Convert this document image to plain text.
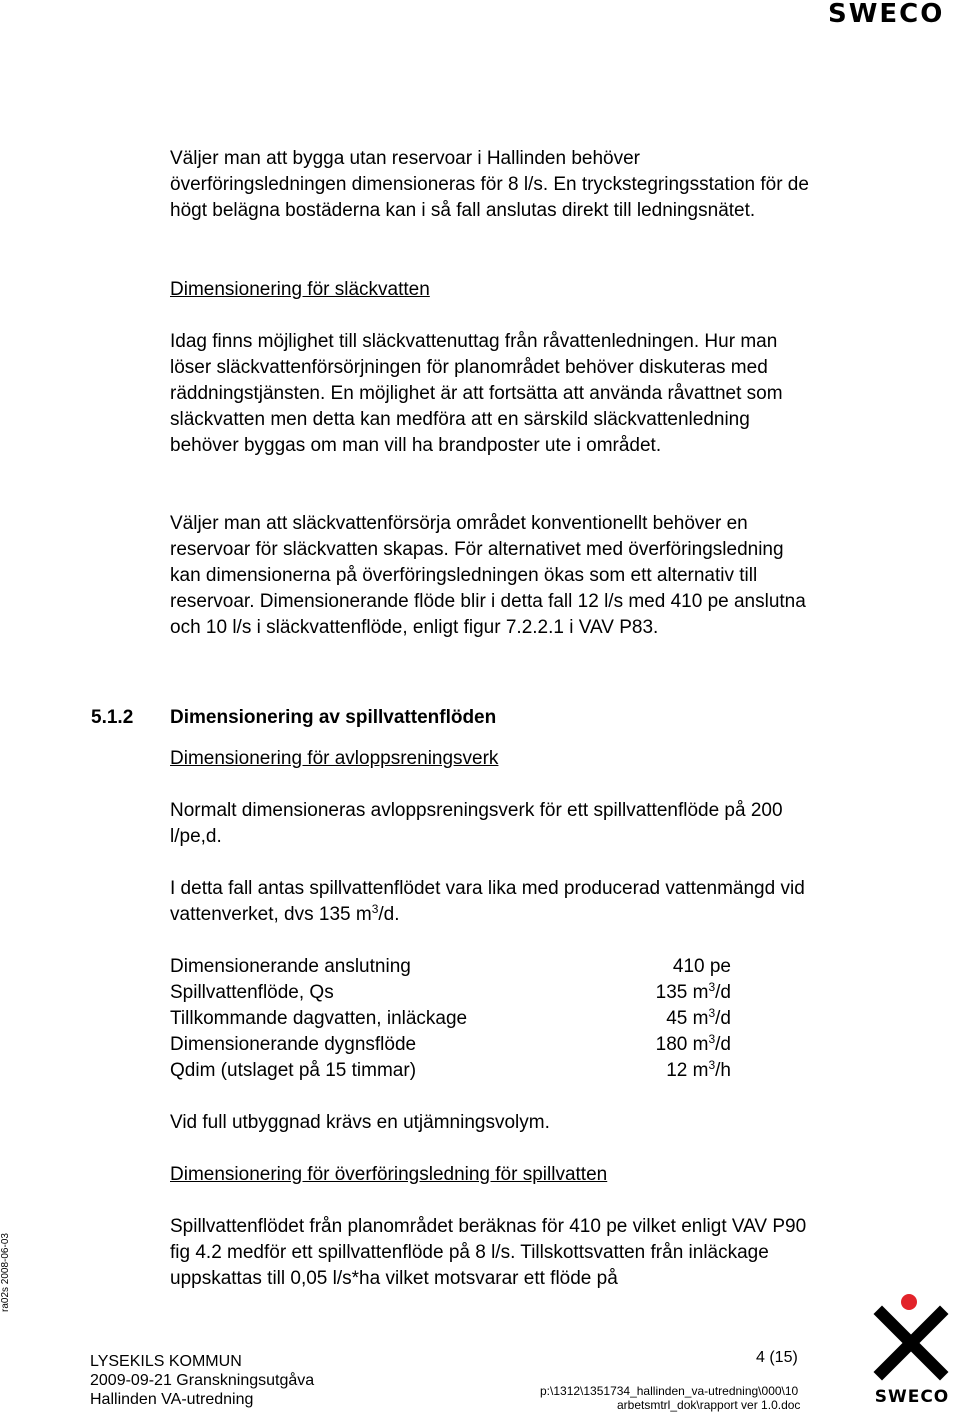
SWECO

Väljer man att bygga utan reservoar i Hallinden behöver överföringsledningen dimensioneras för 8 l/s. En tryckstegringsstation för de högt belägna bostäderna kan i så fall anslutas direkt till ledningsnätet.

Dimensionering för släckvatten

Idag finns möjlighet till släckvattenuttag från råvattenledningen. Hur man löser släckvattenförsörjningen för planområdet behöver diskuteras med räddningstjänsten. En möjlighet är att fortsätta att använda råvattnet som släckvatten men detta kan medföra att en särskild släckvattenledning behöver byggas om man vill ha brandposter ute i området.

Väljer man att släckvattenförsörja området konventionellt behöver en reservoar för släckvatten skapas. För alternativet med överföringsledning kan dimensionerna på överföringsledningen ökas som ett alternativ till reservoar. Dimensionerande flöde blir i detta fall 12 l/s med 410 pe anslutna och 10 l/s i släckvattenflöde, enligt figur 7.2.2.1 i VAV P83.

5.1.2 Dimensionering av spillvattenflöden

Dimensionering för avloppsreningsverk

Normalt dimensioneras avloppsreningsverk för ett spillvattenflöde på 200 l/pe,d.

I detta fall antas spillvattenflödet vara lika med producerad vattenmängd vid vattenverket, dvs 135 $m^3/d$.

Dimensionerande anslutning	410 pe
Spillvattenflöde, Qs	135 $m^3/d$
Tillkommande dagvatten, inläckage	45 $m^3/d$
Dimensionerande dygnsflöde	180 $m^3/d$
Qdim (utslaget på 15 timmar)	12 $m^3/h$

Vid full utbyggnad krävs en utjämningsvolym.

Dimensionering för överföringsledning för spillvatten

Spillvattenflödet från planområdet beräknas för 410 pe vilket enligt VAV P90 fig 4.2 medför ett spillvattenflöde på 8 l/s. Tillskottsvatten från inläckage uppskattas till 0,05 l/s*ha vilket motsvarar ett flöde på

ra02s 2008-06-03
LYSEKILS KOMMUN
2009-09-21 Granskningsutgåva
Hallinden VA-utredning
4 (15)
p:\1312\1351734_hallinden_va-utredning\000\10
arbetsmtrl_dok\rapport ver 1.0.doc	SWECO
